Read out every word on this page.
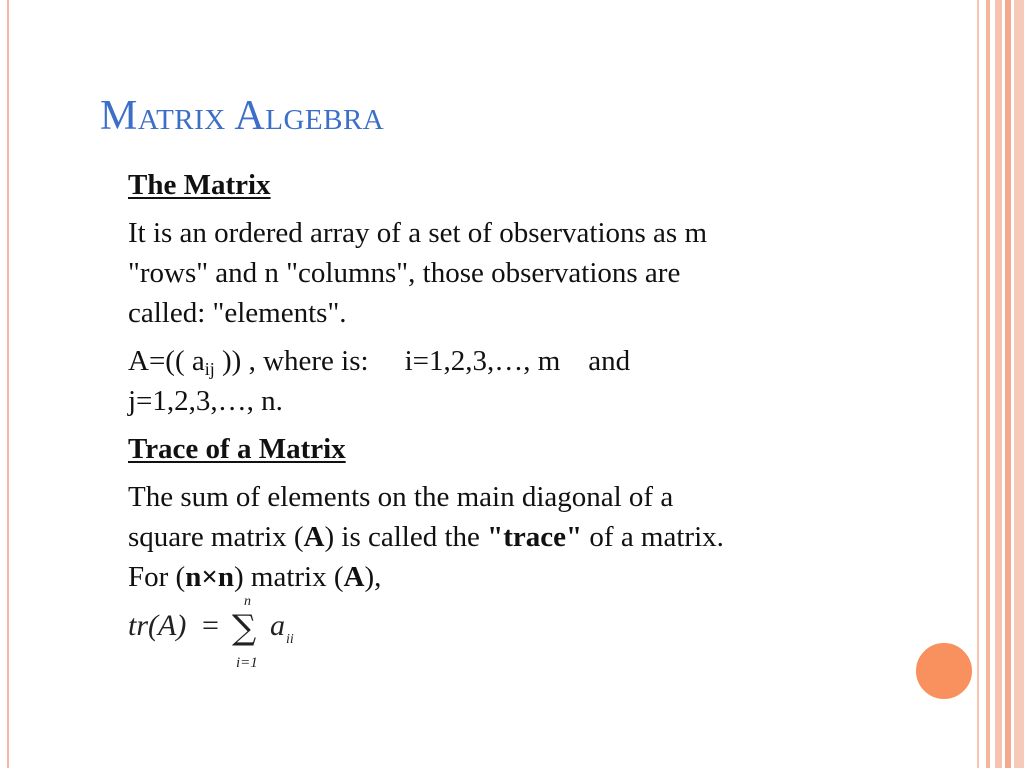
Matrix Algebra

The Matrix

It is an ordered array of a set of observations as m
"rows" and n "columns", those observations are
called: "elements".

A=(( $a_{ij}$ )) , where is: i=1,2,3,…, m and
j=1,2,3,…, n.

Trace of a Matrix

The sum of elements on the main diagonal of a
square matrix (A) is called the "trace" of a matrix.
For (n×n) matrix (A),

tr(A) = ∑
n
i=1
a ii
